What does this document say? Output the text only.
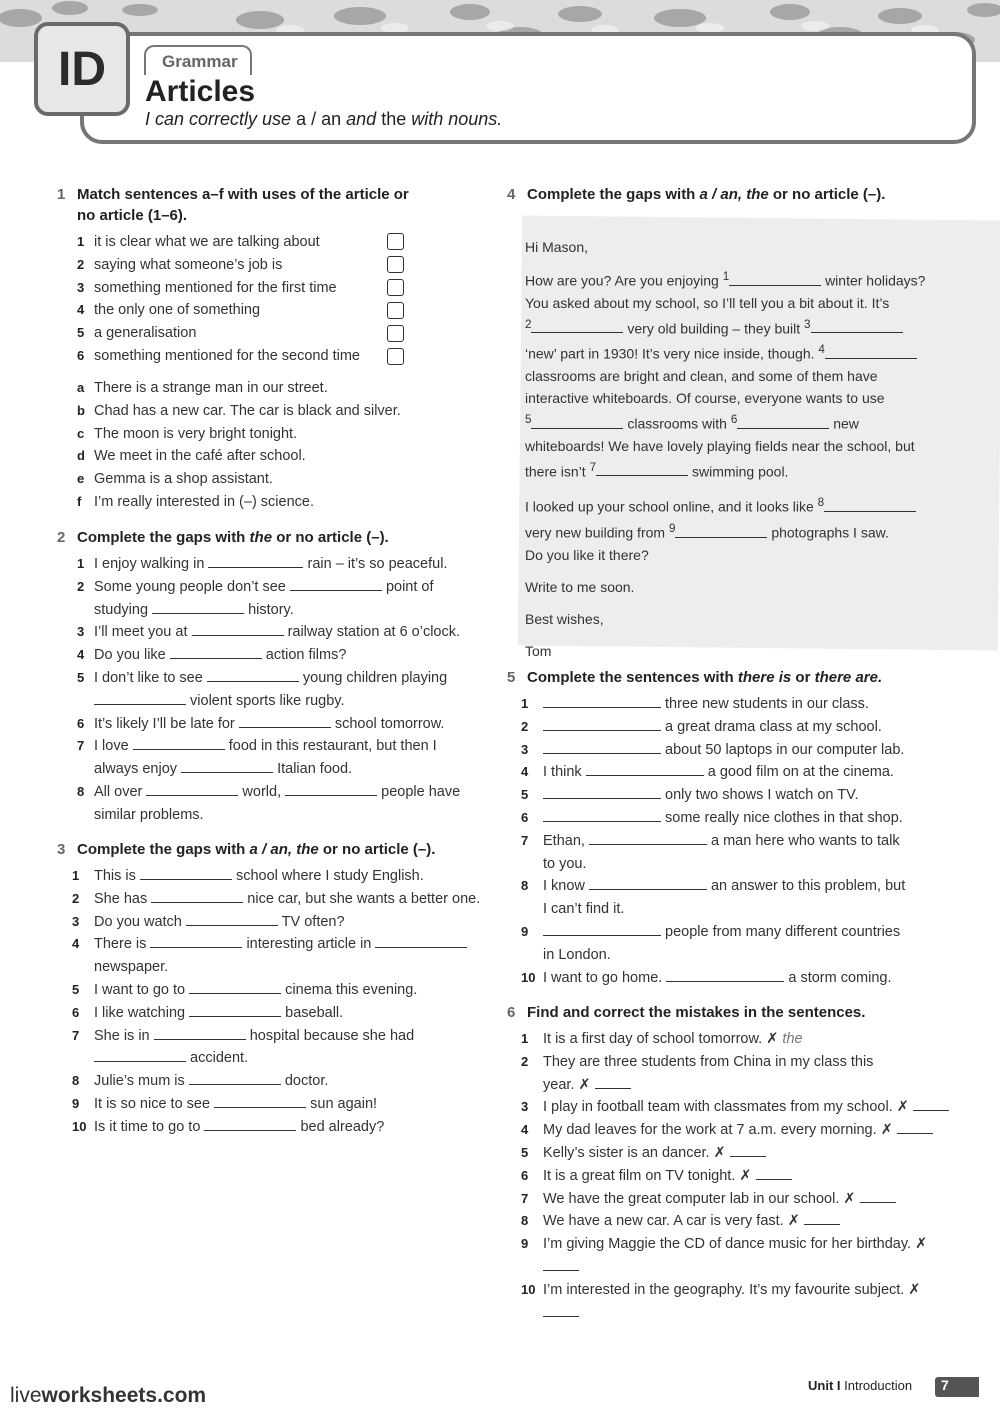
ID	Grammar
Articles
I can correctly use a / an and the with nouns.
1 Match sentences a–f with uses of the article or
no article (1–6).
1 it is clear what we are talking about
2 saying what someone’s job is
3 something mentioned for the first time
4 the only one of something
5 a generalisation
6 something mentioned for the second time
a There is a strange man in our street.
b Chad has a new car. The car is black and silver.
c The moon is very bright tonight.
d We meet in the café after school.
e Gemma is a shop assistant.
f I’m really interested in (–) science.
2 Complete the gaps with the or no article (–).
1 I enjoy walking in	rain – it’s so peaceful.
2 Some young people don’t see	point of
studying	history.
3 I’ll meet you at	railway station at 6 o’clock.
4 Do you like	action films?
5 I don’t like to see	young children playing
violent sports like rugby.
6 It’s likely I’ll be late for	school tomorrow.
7 I love	food in this restaurant, but then I
always enjoy	Italian food.
8 All over	world,	people have
similar problems.
3 Complete the gaps with a / an, the or no article (–).
1 This is	school where I study English.
2 She has	nice car, but she wants a better one.
3 Do you watch	TV often?
4 There is	interesting article in
newspaper.
5 I want to go to	cinema this evening.
6 I like watching	baseball.
7 She is in	hospital because she had
accident.
8 Julie’s mum is	doctor.
9 It is so nice to see	sun again!
10 Is it time to go to	bed already?
4 Complete the gaps with a / an, the or no article (–).
Hi Mason,
How are you? Are you enjoying $^1$	winter holidays?
You asked about my school, so I’ll tell you a bit about it. It’s
$^2$	very old building – they built $^3$
‘new’ part in 1930! It’s very nice inside, though. $^4$
classrooms are bright and clean, and some of them have
interactive whiteboards. Of course, everyone wants to use
$^5$	classrooms with $^6$	new
whiteboards! We have lovely playing fields near the school, but
there isn’t $^7$	swimming pool.
I looked up your school online, and it looks like $^8$
very new building from $^9$	photographs I saw.
Do you like it there?
Write to me soon.
Best wishes,
Tom
5 Complete the sentences with there is or there are.
1	three new students in our class.
2	a great drama class at my school.
3	about 50 laptops in our computer lab.
4 I think	a good film on at the cinema.
5	only two shows I watch on TV.
6	some really nice clothes in that shop.
7 Ethan,	a man here who wants to talk
to you.
8 I know	an answer to this problem, but
I can’t find it.
9	people from many different countries
in London.
10 I want to go home.	a storm coming.
6 Find and correct the mistakes in the sentences.
1 It is a first day of school tomorrow. ✗ the
2 They are three students from China in my class this
year. ✗
3 I play in football team with classmates from my school. ✗
4 My dad leaves for the work at 7 a.m. every morning. ✗
5 Kelly’s sister is an dancer. ✗
6 It is a great film on TV tonight. ✗
7 We have the great computer lab in our school. ✗
8 We have a new car. A car is very fast. ✗
9 I’m giving Maggie the CD of dance music for her birthday. ✗
10 I’m interested in the geography. It’s my favourite subject. ✗
liveworksheets.com	Unit I Introduction	7
